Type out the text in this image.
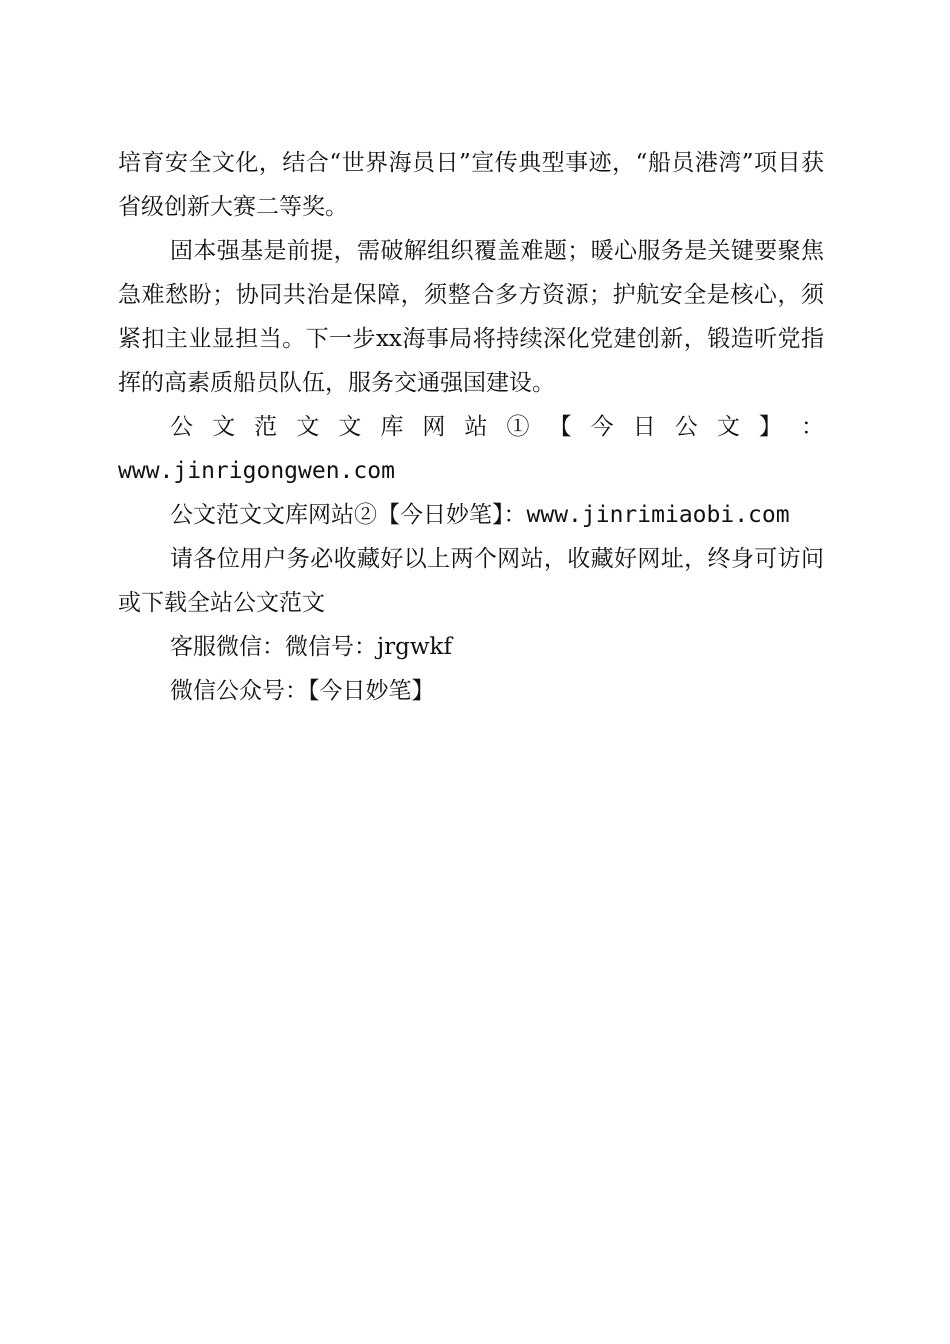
培育安全文化，结合“世界海员日”宣传典型事迹，“船员港湾”项目获省级创新大赛二等奖。

固本强基是前提，需破解组织覆盖难题；暖心服务是关键要聚焦急难愁盼；协同共治是保障，须整合多方资源；护航安全是核心，须紧扣主业显担当。下一步xx海事局将持续深化党建创新，锻造听党指挥的高素质船员队伍，服务交通强国建设。

公 文 范 文 文 库 网 站 ① 【 今 日 公 文 】 ：

www.jinrigongwen.com

公文范文文库网站②【今日妙笔】：www.jinrimiaobi.com

请各位用户务必收藏好以上两个网站，收藏好网址，终身可访问或下载全站公文范文

客服微信：微信号：jrgwkf

微信公众号：【今日妙笔】
